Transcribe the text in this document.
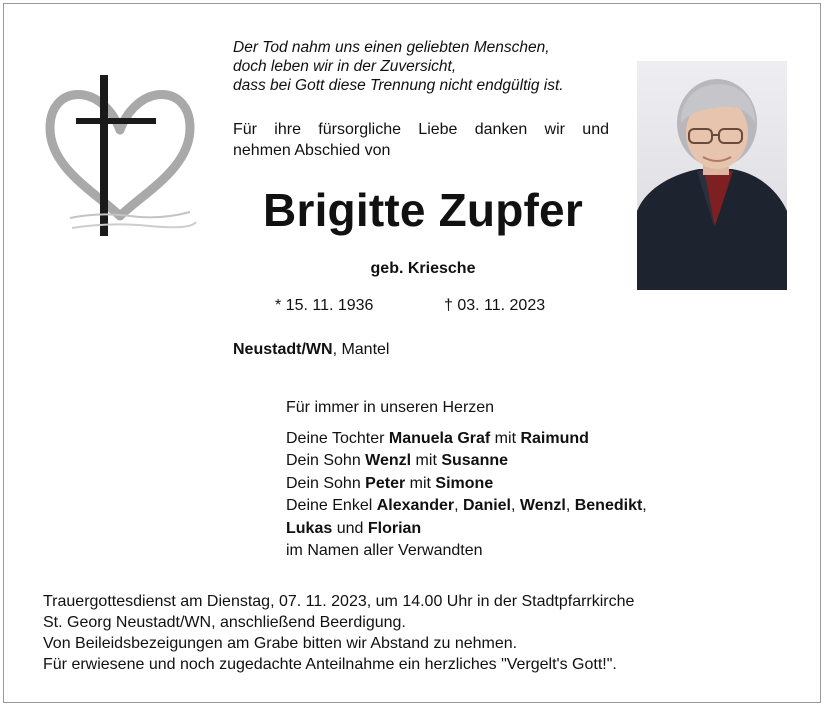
Der Tod nahm uns einen geliebten Menschen,
doch leben wir in der Zuversicht,
dass bei Gott diese Trennung nicht endgültig ist.
Für ihre fürsorgliche Liebe danken wir und
nehmen Abschied von
Brigitte Zupfer
geb. Kriesche
* 15. 11. 1936	† 03. 11. 2023
Neustadt/WN, Mantel
Für immer in unseren Herzen
Deine Tochter Manuela Graf mit Raimund
Dein Sohn Wenzl mit Susanne
Dein Sohn Peter mit Simone
Deine Enkel Alexander, Daniel, Wenzl, Benedikt,
Lukas und Florian
im Namen aller Verwandten
Trauergottesdienst am Dienstag, 07. 11. 2023, um 14.00 Uhr in der Stadtpfarrkirche
St. Georg Neustadt/WN, anschließend Beerdigung.
Von Beileidsbezeigungen am Grabe bitten wir Abstand zu nehmen.
Für erwiesene und noch zugedachte Anteilnahme ein herzliches "Vergelt's Gott!".
